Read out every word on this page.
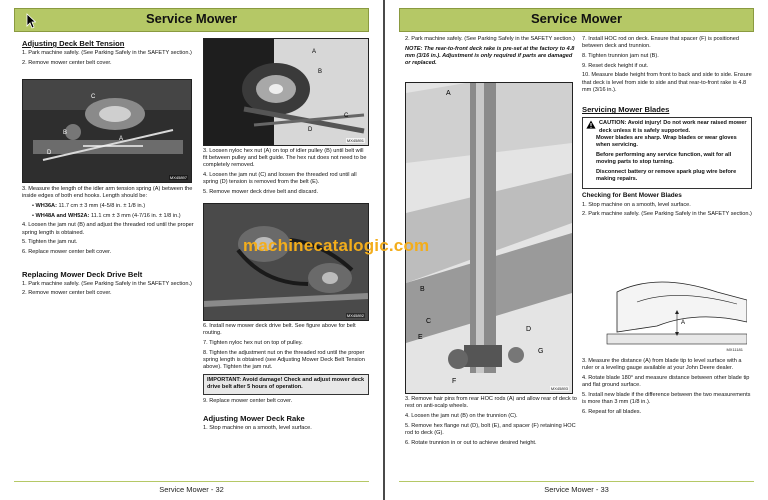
Service Mower
Adjusting Deck Belt Tension
1. Park machine safely. (See Parking Safely in the SAFETY section.)
2. Remove mower center belt cover.
C
B
D
A
MX45897
3. Measure the length of the idler arm tension spring (A) between the inside edges of both end hooks. Length should be:
• WH36A: 11.7 cm ± 3 mm (4-5/8 in. ± 1/8 in.)
• WH48A and WH52A: 11.1 cm ± 3 mm (4-7/16 in. ± 1/8 in.)
4. Loosen the jam nut (B) and adjust the threaded rod until the proper spring length is obtained.
5. Tighten the jam nut.
6. Replace mower center belt cover.
Replacing Mower Deck Drive Belt
1. Park machine safely. (See Parking Safely in the SAFETY section.)
2. Remove mower center belt cover.
A
B
C
D
MX45891
3. Loosen nyloc hex nut (A) on top of idler pulley (B) until belt will fit between pulley and belt guide. The hex nut does not need to be completely removed.
4. Loosen the jam nut (C) and loosen the threaded rod until all spring (D) tension is removed from the belt (E).
5. Remove mower deck drive belt and discard.
MX45892
6. Install new mower deck drive belt. See figure above for belt routing.
7. Tighten nyloc hex nut on top of pulley.
8. Tighten the adjustment nut on the threaded rod until the proper spring length is obtained (see Adjusting Mower Deck Belt Tension above). Tighten the jam nut.
IMPORTANT: Avoid damage! Check and adjust mower deck drive belt after 5 hours of operation.
9. Replace mower center belt cover.
Adjusting Mower Deck Rake
1. Stop machine on a smooth, level surface.
Service Mower - 32
Service Mower
2. Park machine safely. (See Parking Safely in the SAFETY section.)
NOTE: The rear-to-front deck rake is pre-set at the factory to 4.8 mm (3/16 in.). Adjustment is only required if parts are damaged or replaced.
A
B
C
D
E
F
G
MX45893
3. Remove hair pins from rear HOC rods (A) and allow rear of deck to rest on anti-scalp wheels.
4. Loosen the jam nut (B) on the trunnion (C).
5. Remove hex flange nut (D), bolt (E), and spacer (F) retaining HOC rod to deck (G).
6. Rotate trunnion in or out to achieve desired height.
7. Install HOC rod on deck. Ensure that spacer (F) is positioned between deck and trunnion.
8. Tighten trunnion jam nut (B).
9. Reset deck height if out.
10. Measure blade height from front to back and side to side. Ensure that deck is level from side to side and that rear-to-front rake is 4.8 mm (3/16 in.).
Servicing Mower Blades
CAUTION: Avoid injury! Do not work near raised mower deck unless it is safely supported.
Mower blades are sharp. Wrap blades or wear gloves when servicing.
Before performing any service function, wait for all moving parts to stop turning.
Disconnect battery or remove spark plug wire before making repairs.
Checking for Bent Mower Blades
1. Stop machine on a smooth, level surface.
2. Park machine safely. (See Parking Safely in the SAFETY section.)
A
MX11181
3. Measure the distance (A) from blade tip to level surface with a ruler or a leveling gauge available at your John Deere dealer.
4. Rotate blade 180° and measure distance between other blade tip and flat ground surface.
5. Install new blade if the difference between the two measurements is more than 3 mm (1/8 in.).
6. Repeat for all blades.
Service Mower - 33
machinecatalogic.com
